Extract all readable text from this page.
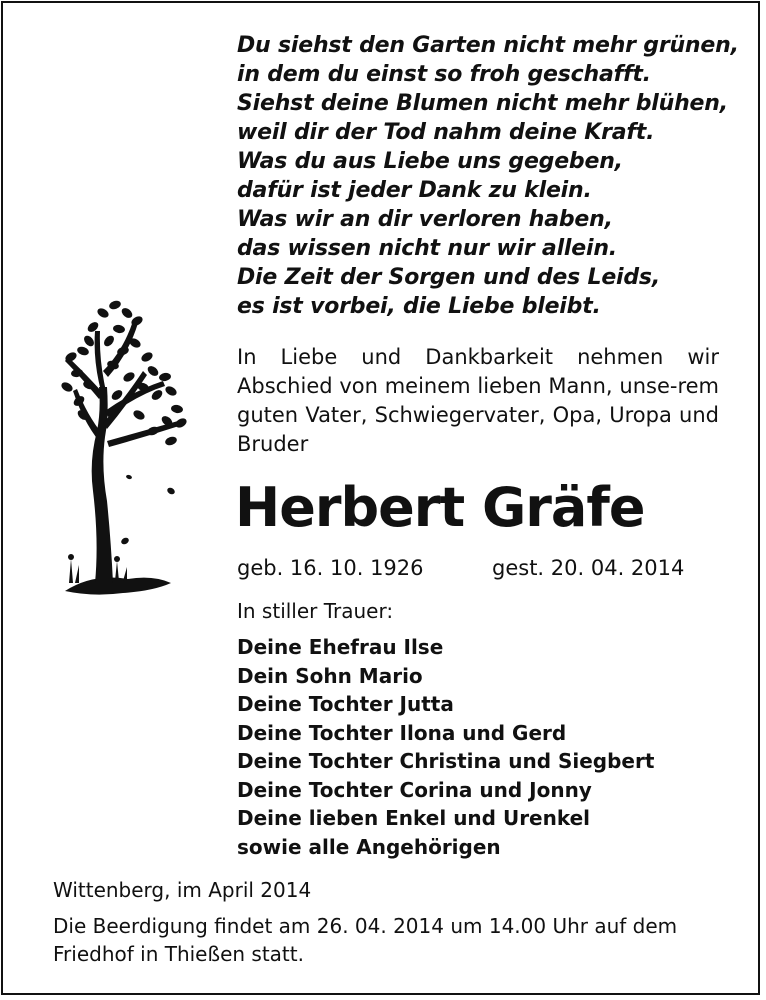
Du siehst den Garten nicht mehr grünen,
in dem du einst so froh geschafft.
Siehst deine Blumen nicht mehr blühen,
weil dir der Tod nahm deine Kraft.
Was du aus Liebe uns gegeben,
dafür ist jeder Dank zu klein.
Was wir an dir verloren haben,
das wissen nicht nur wir allein.
Die Zeit der Sorgen und des Leids,
es ist vorbei, die Liebe bleibt.
In Liebe und Dankbarkeit nehmen wir Abschied von meinem lieben Mann, unse-rem guten Vater, Schwiegervater, Opa, Uropa und Bruder
Herbert Gräfe
geb. 16. 10. 1926	gest. 20. 04. 2014
In stiller Trauer:
Deine Ehefrau Ilse
Dein Sohn Mario
Deine Tochter Jutta
Deine Tochter Ilona und Gerd
Deine Tochter Christina und Siegbert
Deine Tochter Corina und Jonny
Deine lieben Enkel und Urenkel
sowie alle Angehörigen
Wittenberg, im April 2014
Die Beerdigung findet am 26. 04. 2014 um 14.00 Uhr auf dem Friedhof in Thießen statt.
